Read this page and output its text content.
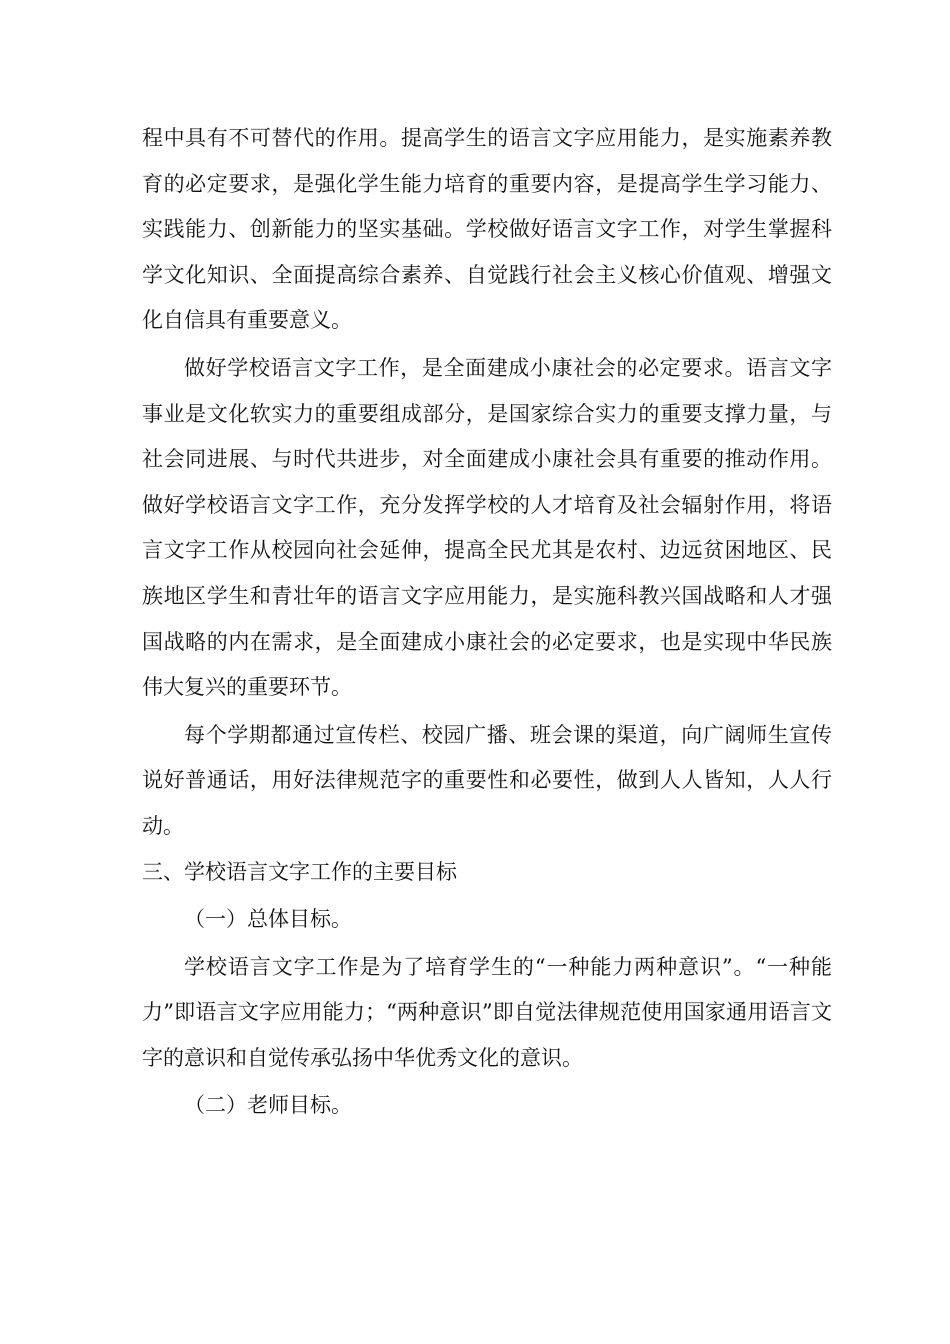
程中具有不可替代的作用。提高学生的语言文字应用能力，是实施素养教育的必定要求，是强化学生能力培育的重要内容，是提高学生学习能力、实践能力、创新能力的坚实基础。学校做好语言文字工作，对学生掌握科学文化知识、全面提高综合素养、自觉践行社会主义核心价值观、增强文化自信具有重要意义。

做好学校语言文字工作，是全面建成小康社会的必定要求。语言文字事业是文化软实力的重要组成部分，是国家综合实力的重要支撑力量，与社会同进展、与时代共进步，对全面建成小康社会具有重要的推动作用。做好学校语言文字工作，充分发挥学校的人才培育及社会辐射作用，将语言文字工作从校园向社会延伸，提高全民尤其是农村、边远贫困地区、民族地区学生和青壮年的语言文字应用能力，是实施科教兴国战略和人才强国战略的内在需求，是全面建成小康社会的必定要求，也是实现中华民族伟大复兴的重要环节。

每个学期都通过宣传栏、校园广播、班会课的渠道，向广阔师生宣传说好普通话，用好法律规范字的重要性和必要性，做到人人皆知，人人行动。

三、学校语言文字工作的主要目标

（一）总体目标。

学校语言文字工作是为了培育学生的“一种能力两种意识”。“一种能力”即语言文字应用能力；“两种意识”即自觉法律规范使用国家通用语言文字的意识和自觉传承弘扬中华优秀文化的意识。

（二）老师目标。
